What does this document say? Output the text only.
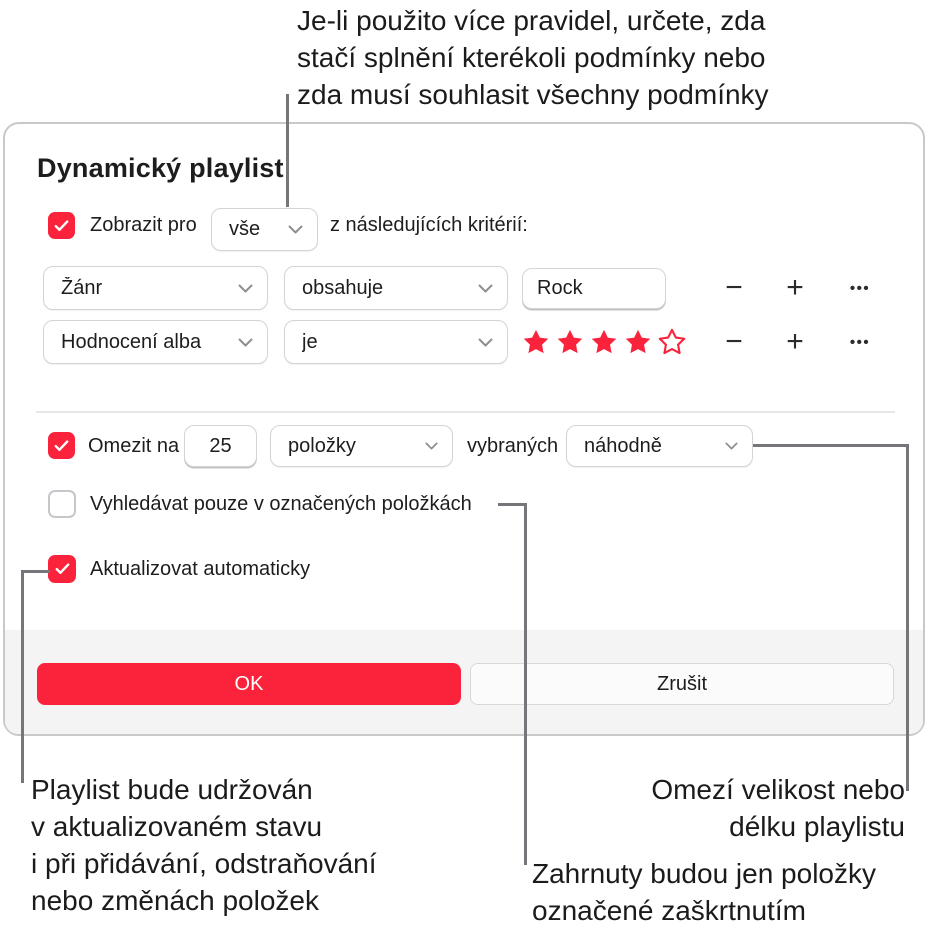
Je-li použito více pravidel, určete, zda
stačí splnění kterékoli podmínky nebo
zda musí souhlasit všechny podmínky
Dynamický playlist
Zobrazit pro vše	z následujících kritérií:
Žánr	obsahuje	Rock	−	+	•••
Hodnocení alba	je	−	+	•••
Omezit na 25	položky	vybraných náhodně
Vyhledávat pouze v označených položkách
Aktualizovat automaticky
OK	Zrušit
Playlist bude udržován
v aktualizovaném stavu
i při přidávání, odstraňování
nebo změnách položek
Omezí velikost nebo
délku playlistu
Zahrnuty budou jen položky
označené zaškrtnutím
